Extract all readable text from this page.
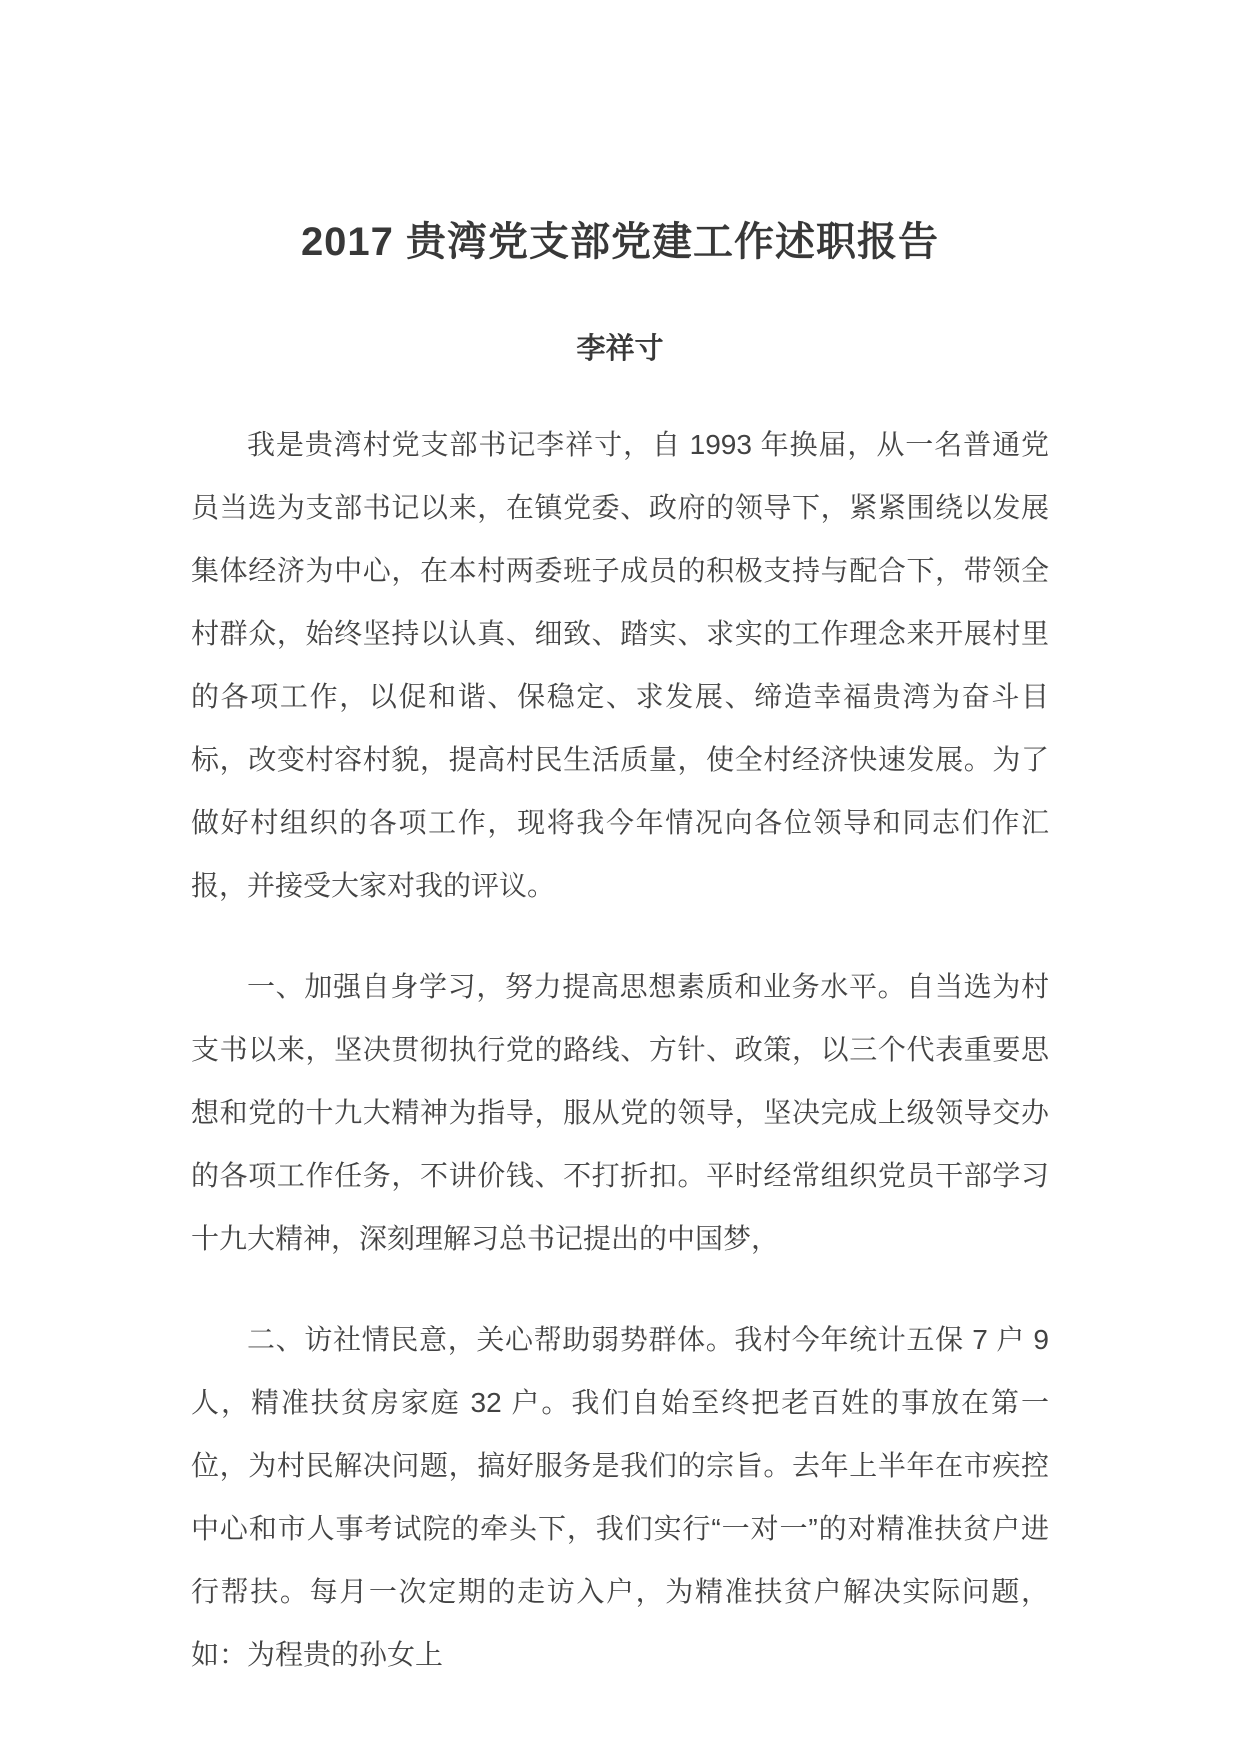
2017 贵湾党支部党建工作述职报告
李祥寸

我是贵湾村党支部书记李祥寸，自 1993 年换届，从一名普通党员当选为支部书记以来，在镇党委、政府的领导下，紧紧围绕以发展集体经济为中心，在本村两委班子成员的积极支持与配合下，带领全村群众，始终坚持以认真、细致、踏实、求实的工作理念来开展村里的各项工作，以促和谐、保稳定、求发展、缔造幸福贵湾为奋斗目标，改变村容村貌，提高村民生活质量，使全村经济快速发展。为了做好村组织的各项工作，现将我今年情况向各位领导和同志们作汇报，并接受大家对我的评议。

一、加强自身学习，努力提高思想素质和业务水平。自当选为村支书以来，坚决贯彻执行党的路线、方针、政策，以三个代表重要思想和党的十九大精神为指导，服从党的领导，坚决完成上级领导交办的各项工作任务，不讲价钱、不打折扣。平时经常组织党员干部学习十九大精神，深刻理解习总书记提出的中国梦，

二、访社情民意，关心帮助弱势群体。我村今年统计五保 7 户 9 人，精准扶贫房家庭 32 户。我们自始至终把老百姓的事放在第一位，为村民解决问题，搞好服务是我们的宗旨。去年上半年在市疾控中心和市人事考试院的牵头下，我们实行“一对一”的对精准扶贫户进行帮扶。每月一次定期的走访入户，为精准扶贫户解决实际问题，如：为程贵的孙女上
